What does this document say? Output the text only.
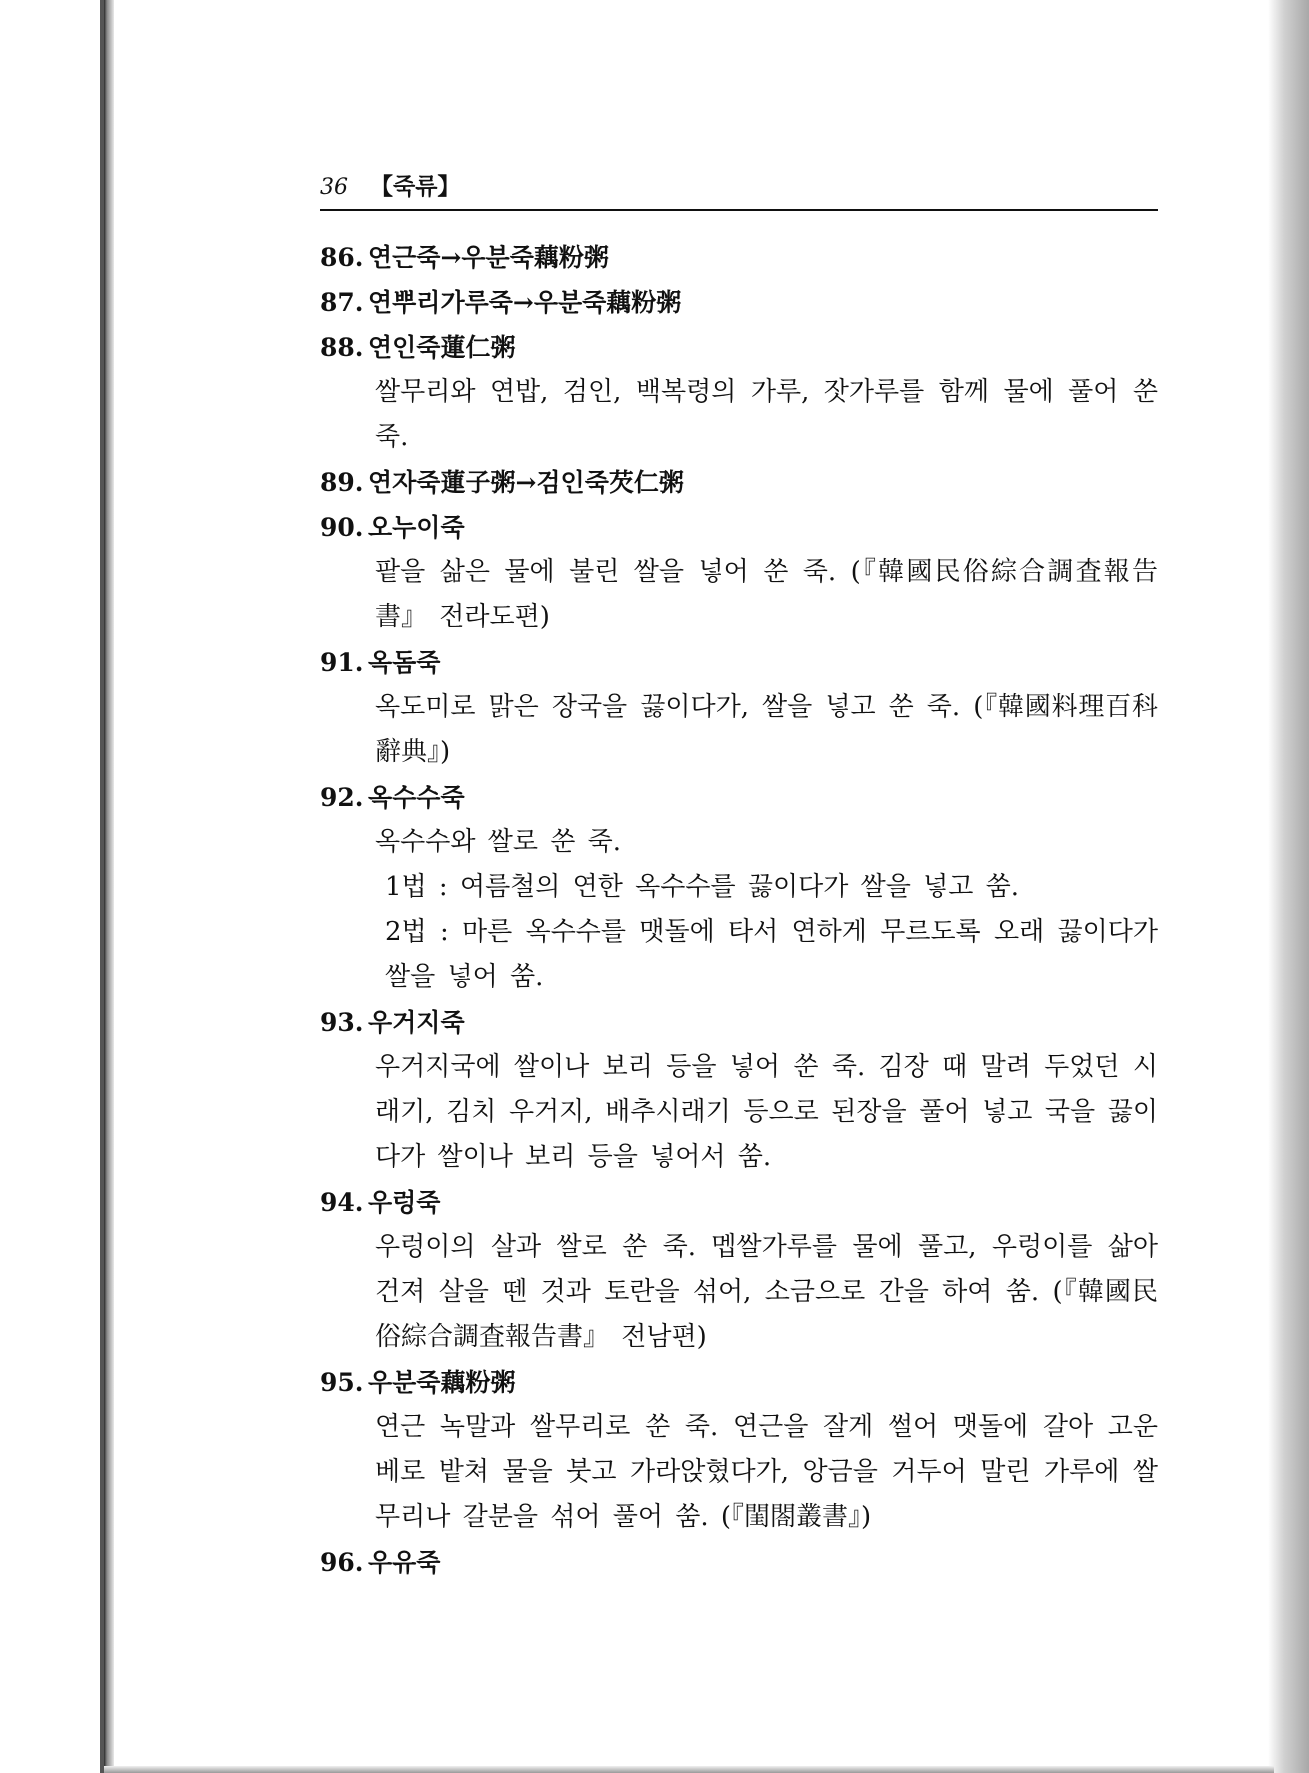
36 【죽류】
86. 연근죽→우분죽藕粉粥
87. 연뿌리가루죽→우분죽藕粉粥
88. 연인죽蓮仁粥
쌀무리와 연밥, 검인, 백복령의 가루, 잣가루를 함께 물에 풀어 쑨 죽.
89. 연자죽蓮子粥→검인죽芡仁粥
90. 오누이죽
팥을 삶은 물에 불린 쌀을 넣어 쑨 죽. (『韓國民俗綜合調査報告書』 전라도편)
91. 옥돔죽
옥도미로 맑은 장국을 끓이다가, 쌀을 넣고 쑨 죽. (『韓國料理百科辭典』)
92. 옥수수죽
옥수수와 쌀로 쑨 죽.
1법 : 여름철의 연한 옥수수를 끓이다가 쌀을 넣고 쑴.
2법 : 마른 옥수수를 맷돌에 타서 연하게 무르도록 오래 끓이다가 쌀을 넣어 쑴.
93. 우거지죽
우거지국에 쌀이나 보리 등을 넣어 쑨 죽. 김장 때 말려 두었던 시래기, 김치 우거지, 배추시래기 등으로 된장을 풀어 넣고 국을 끓이다가 쌀이나 보리 등을 넣어서 쑴.
94. 우렁죽
우렁이의 살과 쌀로 쑨 죽. 멥쌀가루를 물에 풀고, 우렁이를 삶아 건져 살을 뗀 것과 토란을 섞어, 소금으로 간을 하여 쑴. (『韓國民俗綜合調査報告書』 전남편)
95. 우분죽藕粉粥
연근 녹말과 쌀무리로 쑨 죽. 연근을 잘게 썰어 맷돌에 갈아 고운 베로 밭쳐 물을 붓고 가라앉혔다가, 앙금을 거두어 말린 가루에 쌀무리나 갈분을 섞어 풀어 쑴. (『閨閤叢書』)
96. 우유죽
